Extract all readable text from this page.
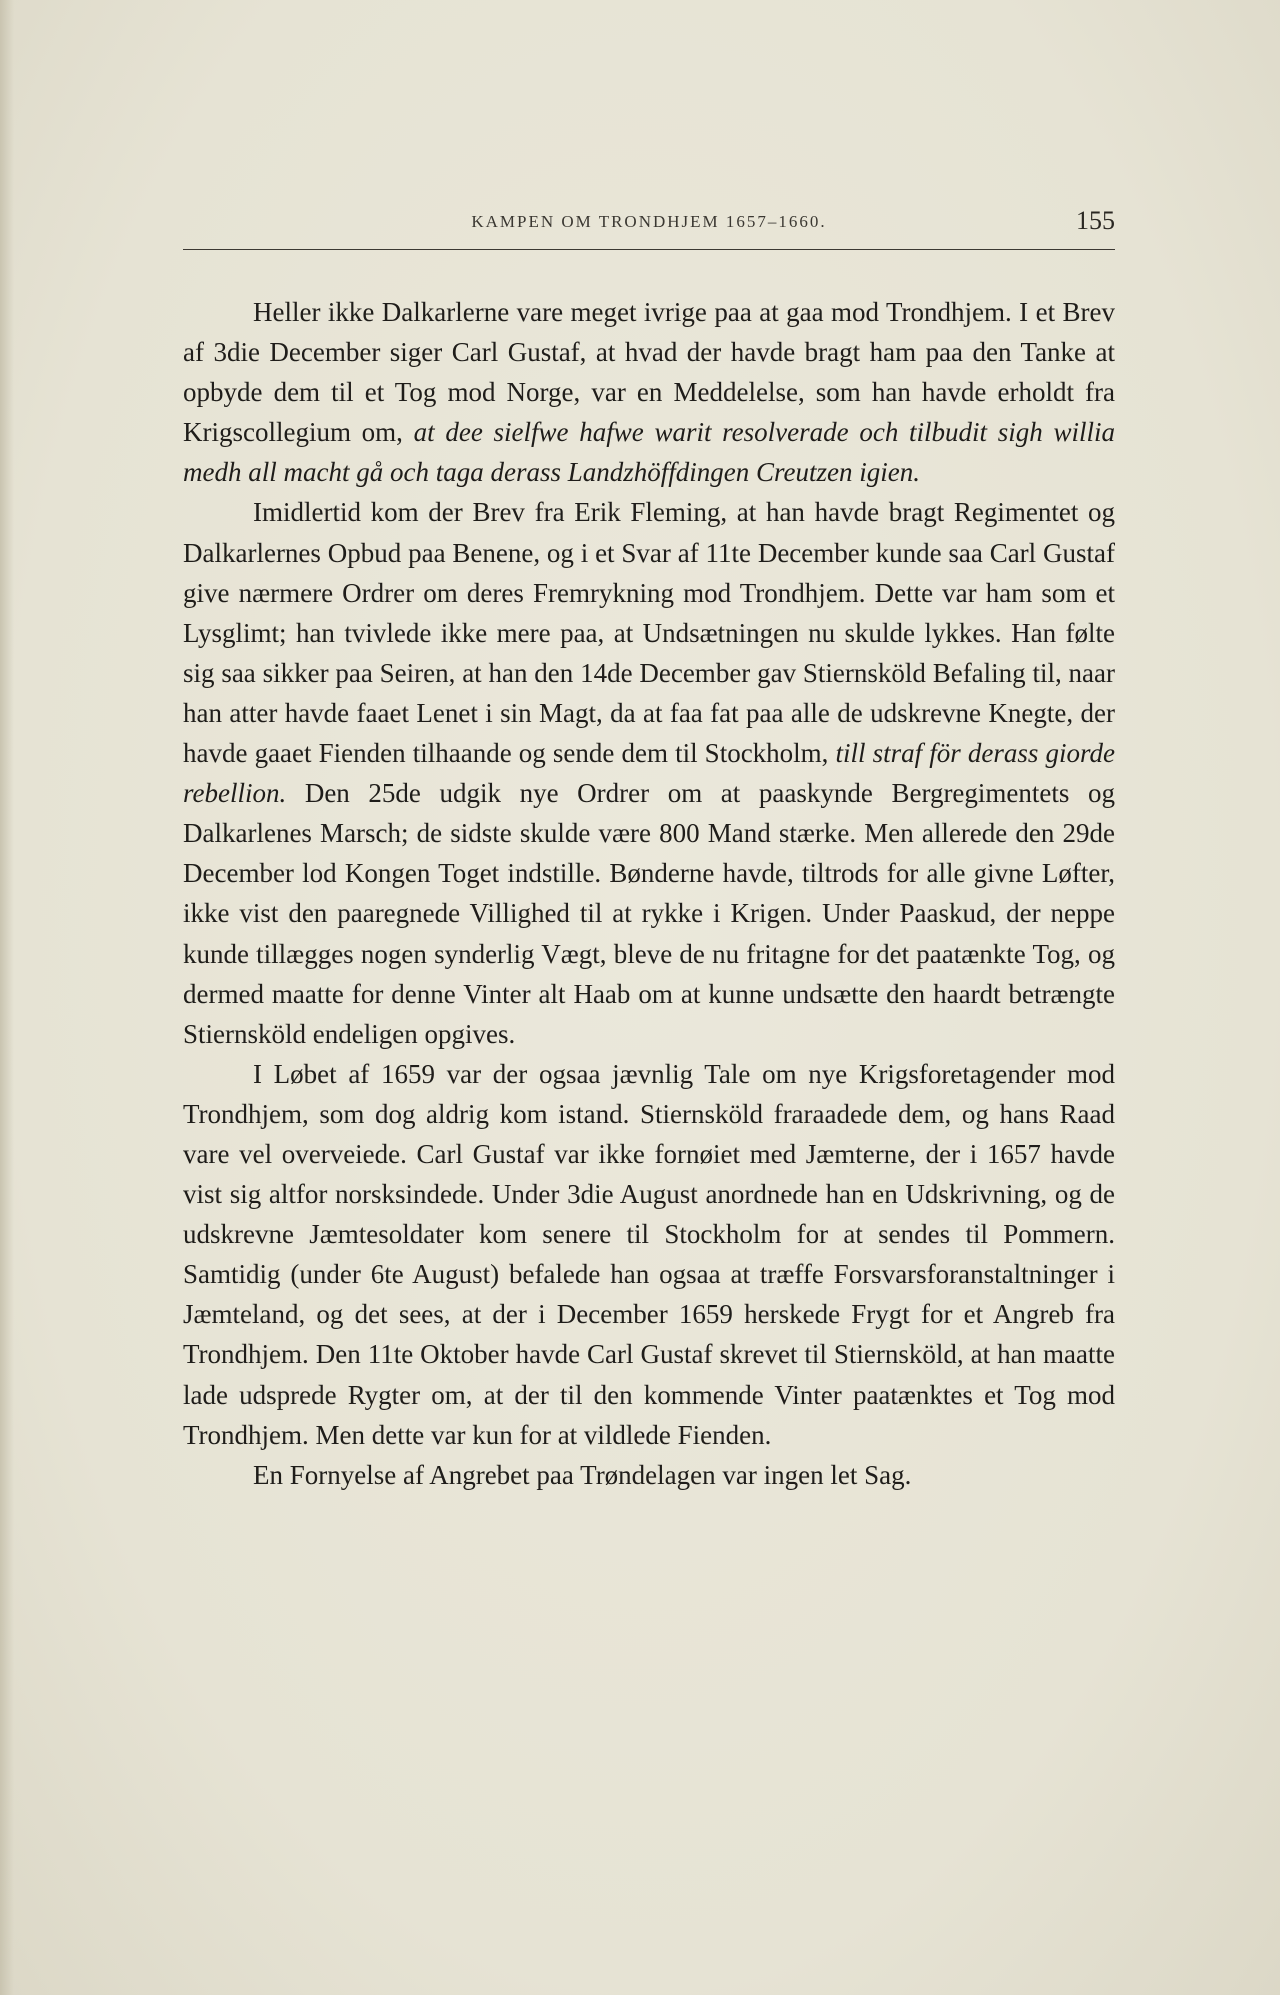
KAMPEN OM TRONDHJEM 1657–1660.	155

Heller ikke Dalkarlerne vare meget ivrige paa at gaa mod Trondhjem. I et Brev af 3die December siger Carl Gustaf, at hvad der havde bragt ham paa den Tanke at opbyde dem til et Tog mod Norge, var en Meddelelse, som han havde erholdt fra Krigscollegium om, at dee sielfwe hafwe warit resolverade och tilbudit sigh willia medh all macht gå och taga derass Landzhöffdingen Creutzen igien.

Imidlertid kom der Brev fra Erik Fleming, at han havde bragt Regimentet og Dalkarlernes Opbud paa Benene, og i et Svar af 11te December kunde saa Carl Gustaf give nærmere Ordrer om deres Fremrykning mod Trondhjem. Dette var ham som et Lysglimt; han tvivlede ikke mere paa, at Undsætningen nu skulde lykkes. Han følte sig saa sikker paa Seiren, at han den 14de December gav Stiernsköld Befaling til, naar han atter havde faaet Lenet i sin Magt, da at faa fat paa alle de udskrevne Knegte, der havde gaaet Fienden tilhaande og sende dem til Stockholm, till straf för derass giorde rebellion. Den 25de udgik nye Ordrer om at paaskynde Bergregimentets og Dalkarlenes Marsch; de sidste skulde være 800 Mand stærke. Men allerede den 29de December lod Kongen Toget indstille. Bønderne havde, tiltrods for alle givne Løfter, ikke vist den paaregnede Villighed til at rykke i Krigen. Under Paaskud, der neppe kunde tillægges nogen synderlig Vægt, bleve de nu fritagne for det paatænkte Tog, og dermed maatte for denne Vinter alt Haab om at kunne undsætte den haardt betrængte Stiernsköld endeligen opgives.

I Løbet af 1659 var der ogsaa jævnlig Tale om nye Krigsforetagender mod Trondhjem, som dog aldrig kom istand. Stiernsköld fraraadede dem, og hans Raad vare vel overveiede. Carl Gustaf var ikke fornøiet med Jæmterne, der i 1657 havde vist sig altfor norsksindede. Under 3die August anordnede han en Udskrivning, og de udskrevne Jæmtesoldater kom senere til Stockholm for at sendes til Pommern. Samtidig (under 6te August) befalede han ogsaa at træffe Forsvarsforanstaltninger i Jæmteland, og det sees, at der i December 1659 herskede Frygt for et Angreb fra Trondhjem. Den 11te Oktober havde Carl Gustaf skrevet til Stiernsköld, at han maatte lade udsprede Rygter om, at der til den kommende Vinter paatænktes et Tog mod Trondhjem. Men dette var kun for at vildlede Fienden.

En Fornyelse af Angrebet paa Trøndelagen var ingen let Sag.
